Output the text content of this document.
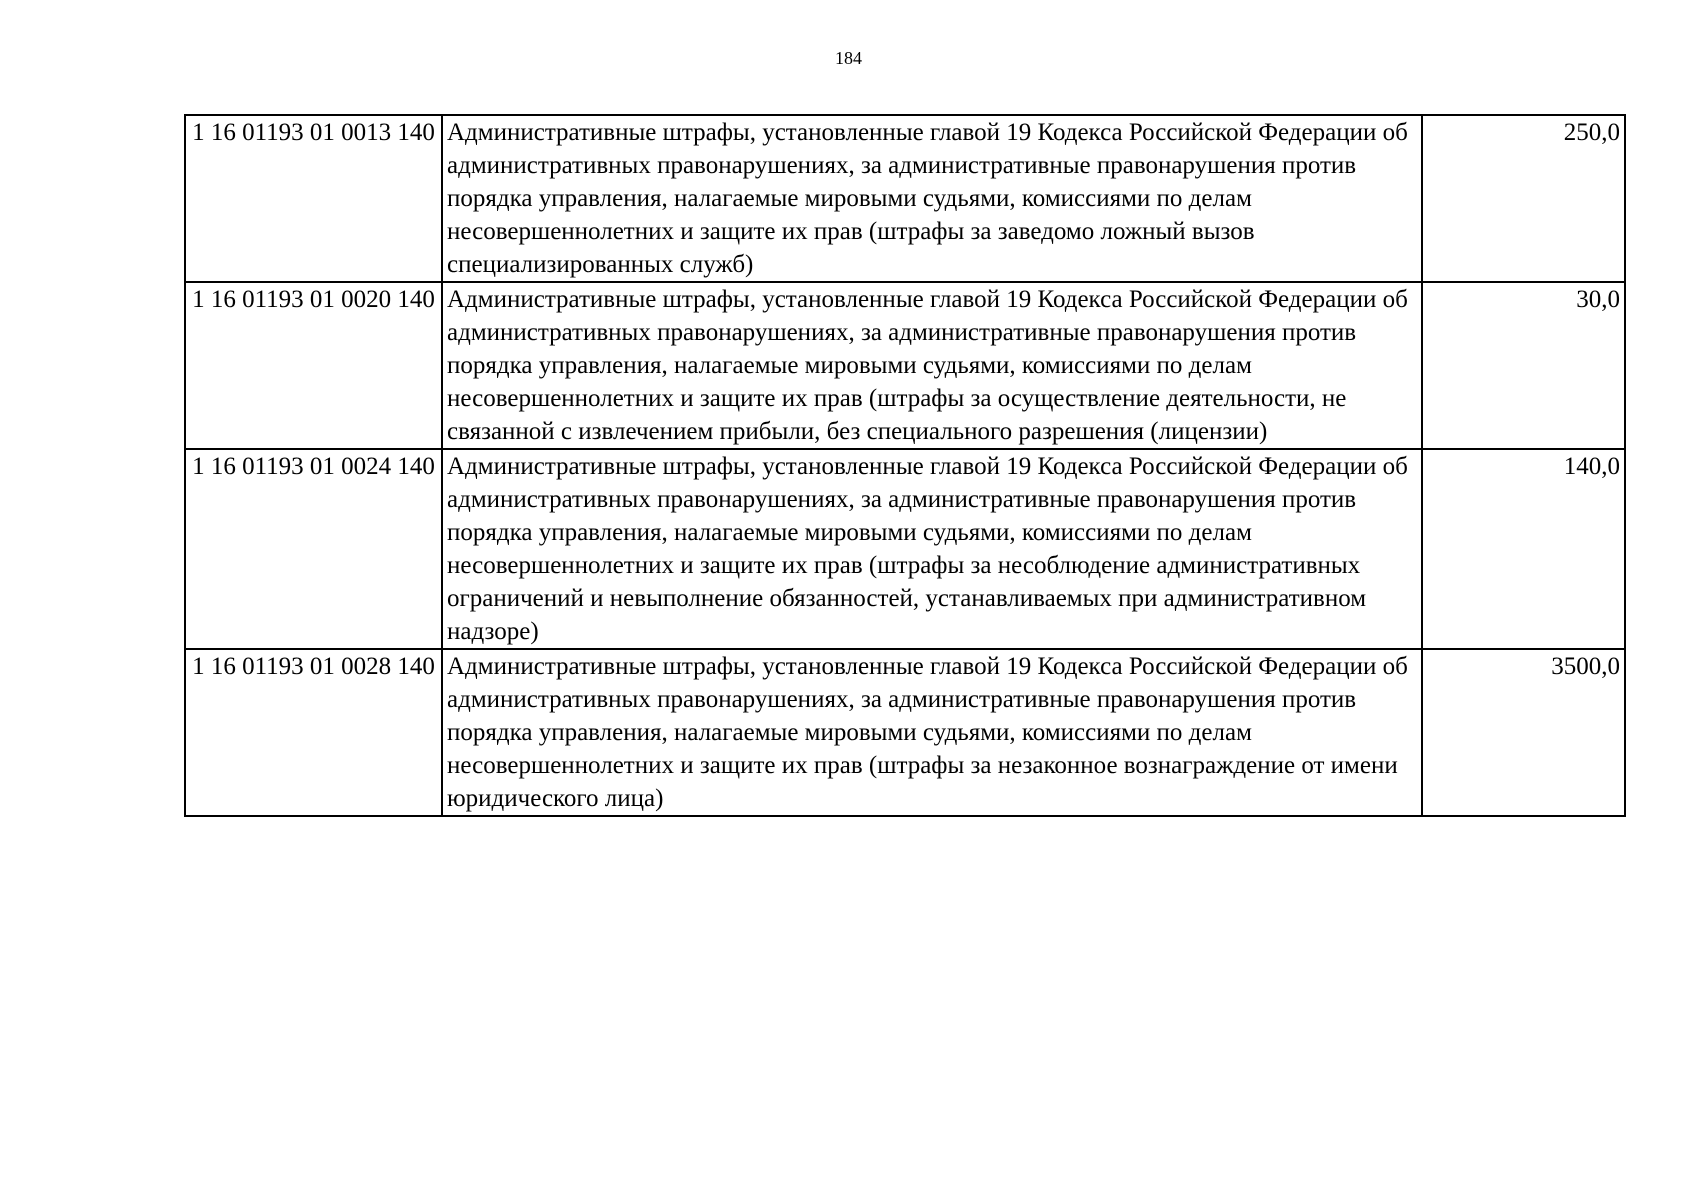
184
1 16 01193 01 0013 140	Административные штрафы, установленные главой 19 Кодекса Российской Федерации об административных правонарушениях, за административные правонарушения против порядка управления, налагаемые мировыми судьями, комиссиями по делам несовершеннолетних и защите их прав (штрафы за заведомо ложный вызов специализированных служб)	250,0
1 16 01193 01 0020 140	Административные штрафы, установленные главой 19 Кодекса Российской Федерации об административных правонарушениях, за административные правонарушения против порядка управления, налагаемые мировыми судьями, комиссиями по делам несовершеннолетних и защите их прав (штрафы за осуществление деятельности, не связанной с извлечением прибыли, без специального разрешения (лицензии)	30,0
1 16 01193 01 0024 140	Административные штрафы, установленные главой 19 Кодекса Российской Федерации об административных правонарушениях, за административные правонарушения против порядка управления, налагаемые мировыми судьями, комиссиями по делам несовершеннолетних и защите их прав (штрафы за несоблюдение административных ограничений и невыполнение обязанностей, устанавливаемых при административном надзоре)	140,0
1 16 01193 01 0028 140	Административные штрафы, установленные главой 19 Кодекса Российской Федерации об административных правонарушениях, за административные правонарушения против порядка управления, налагаемые мировыми судьями, комиссиями по делам несовершеннолетних и защите их прав (штрафы за незаконное вознаграждение от имени юридического лица)	3500,0
